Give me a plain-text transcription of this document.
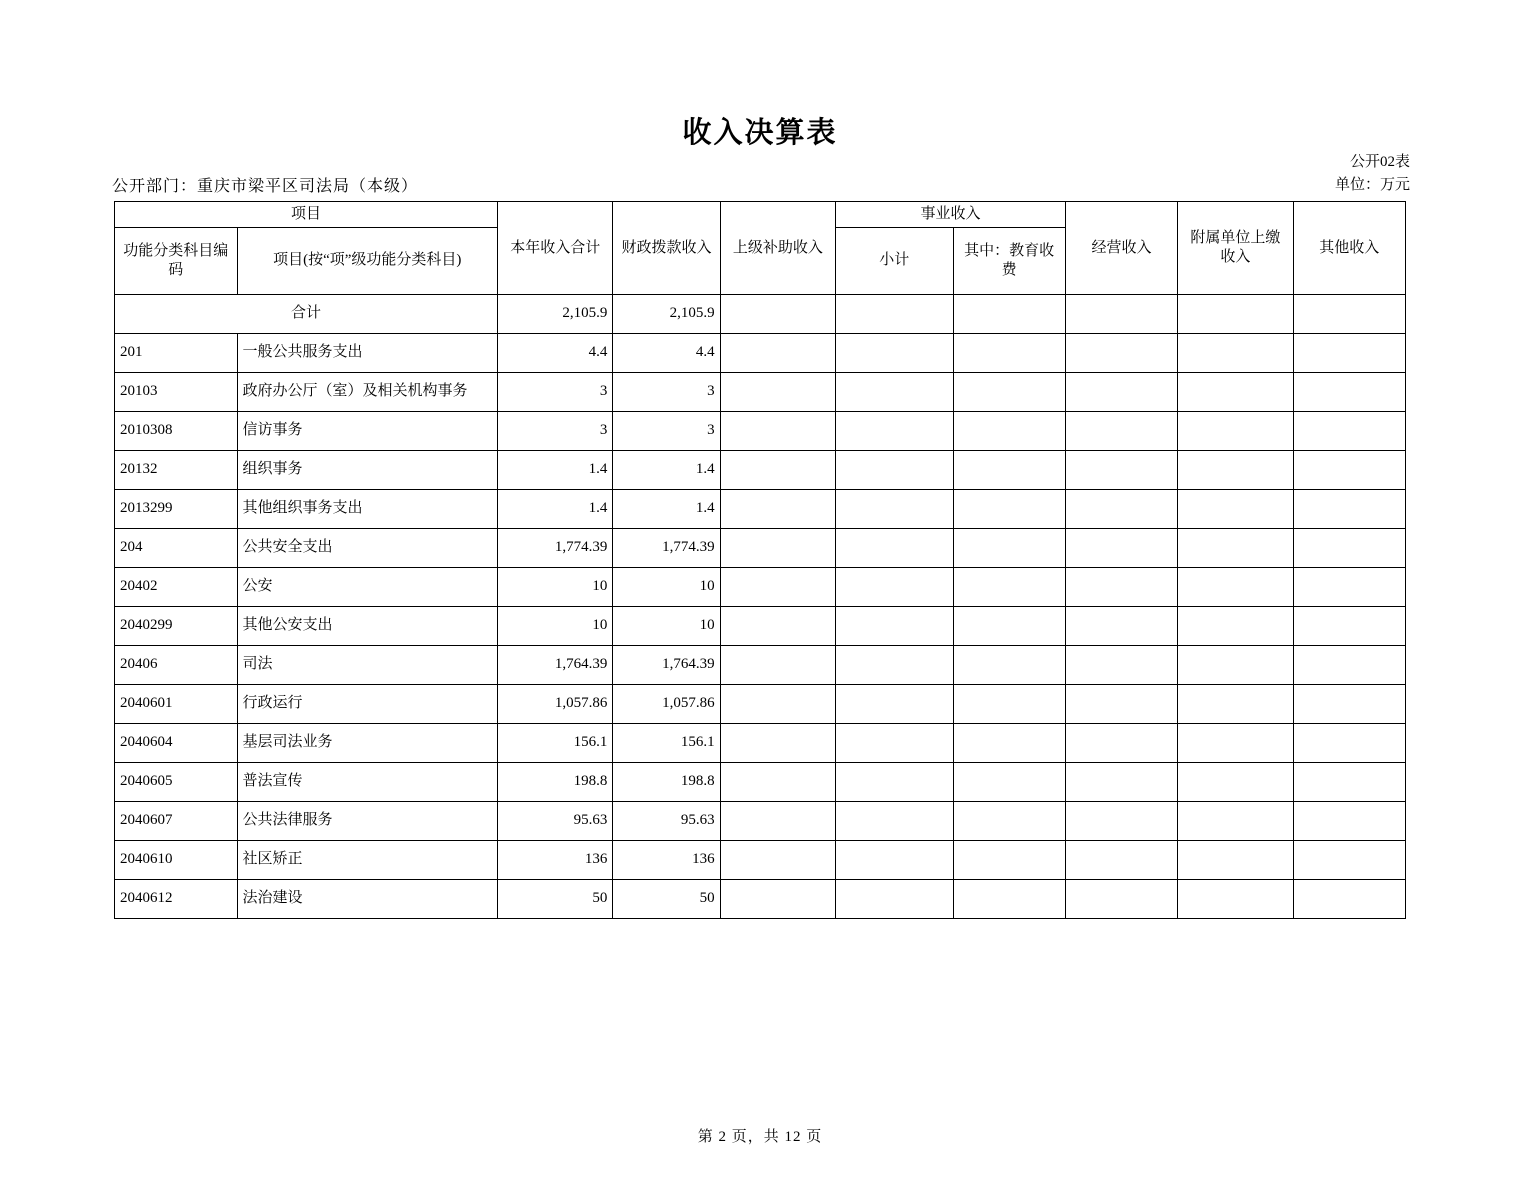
收入决算表
公开02表
单位：万元
公开部门：重庆市梁平区司法局（本级）
项目		本年收入合计	财政拨款收入	上级补助收入	事业收入		经营收入	附属单位上缴收入	其他收入
功能分类科目编码	项目(按“项”级功能分类科目)				小计	其中：教育收费			

合计		2,105.9	2,105.9						
201	一般公共服务支出	4.4	4.4						
20103	政府办公厅（室）及相关机构事务	3	3						
2010308	信访事务	3	3						
20132	组织事务	1.4	1.4						
2013299	其他组织事务支出	1.4	1.4						
204	公共安全支出	1,774.39	1,774.39						
20402	公安	10	10						
2040299	其他公安支出	10	10						
20406	司法	1,764.39	1,764.39						
2040601	行政运行	1,057.86	1,057.86						
2040604	基层司法业务	156.1	156.1						
2040605	普法宣传	198.8	198.8						
2040607	公共法律服务	95.63	95.63						
2040610	社区矫正	136	136						
2040612	法治建设	50	50						
第 2 页，共 12 页
